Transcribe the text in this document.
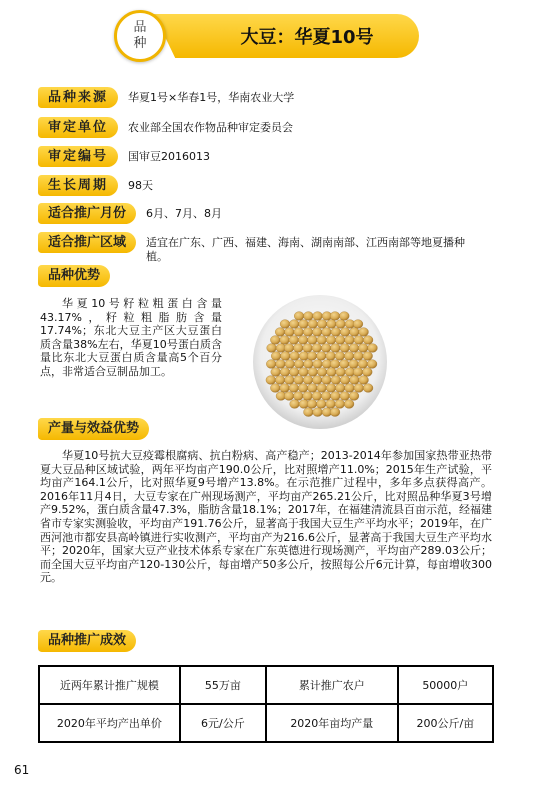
品
种	大豆：华夏10号
品种来源	华夏1号×华春1号，华南农业大学
审定单位	农业部全国农作物品种审定委员会
审定编号	国审豆2016013
生长周期	98天
适合推广月份	6月、7月、8月
适合推广区域	适宜在广东、广西、福建、海南、湖南南部、江西南部等地夏播种植。
品种优势
华夏10号籽粒粗蛋白含量43.17%，籽粒粗脂肪含量17.74%；东北大豆主产区大豆蛋白质含量38%左右，华夏10号蛋白质含量比东北大豆蛋白质含量高5个百分点，非常适合豆制品加工。
产量与效益优势
华夏10号抗大豆疫霉根腐病、抗白粉病、高产稳产；2013-2014年参加国家热带亚热带夏大豆品种区域试验，两年平均亩产190.0公斤，比对照增产11.0%；2015年生产试验，平均亩产164.1公斤，比对照华夏9号增产13.8%。在示范推广过程中，多年多点获得高产。2016年11月4日，大豆专家在广州现场测产，平均亩产265.21公斤，比对照品种华夏3号增产9.52%，蛋白质含量47.3%，脂肪含量18.1%；2017年，在福建清流县百亩示范，经福建省市专家实测验收，平均亩产191.76公斤，显著高于我国大豆生产平均水平；2019年，在广西河池市都安县高岭镇进行实收测产，平均亩产为216.6公斤，显著高于我国大豆生产平均水平；2020年，国家大豆产业技术体系专家在广东英德进行现场测产，平均亩产289.03公斤；而全国大豆平均亩产120-130公斤，每亩增产50多公斤，按照每公斤6元计算，每亩增收300元。
品种推广成效
近两年累计推广规模	55万亩	累计推广农户	50000户
2020年平均产出单价	6元/公斤	2020年亩均产量	200公斤/亩
61
